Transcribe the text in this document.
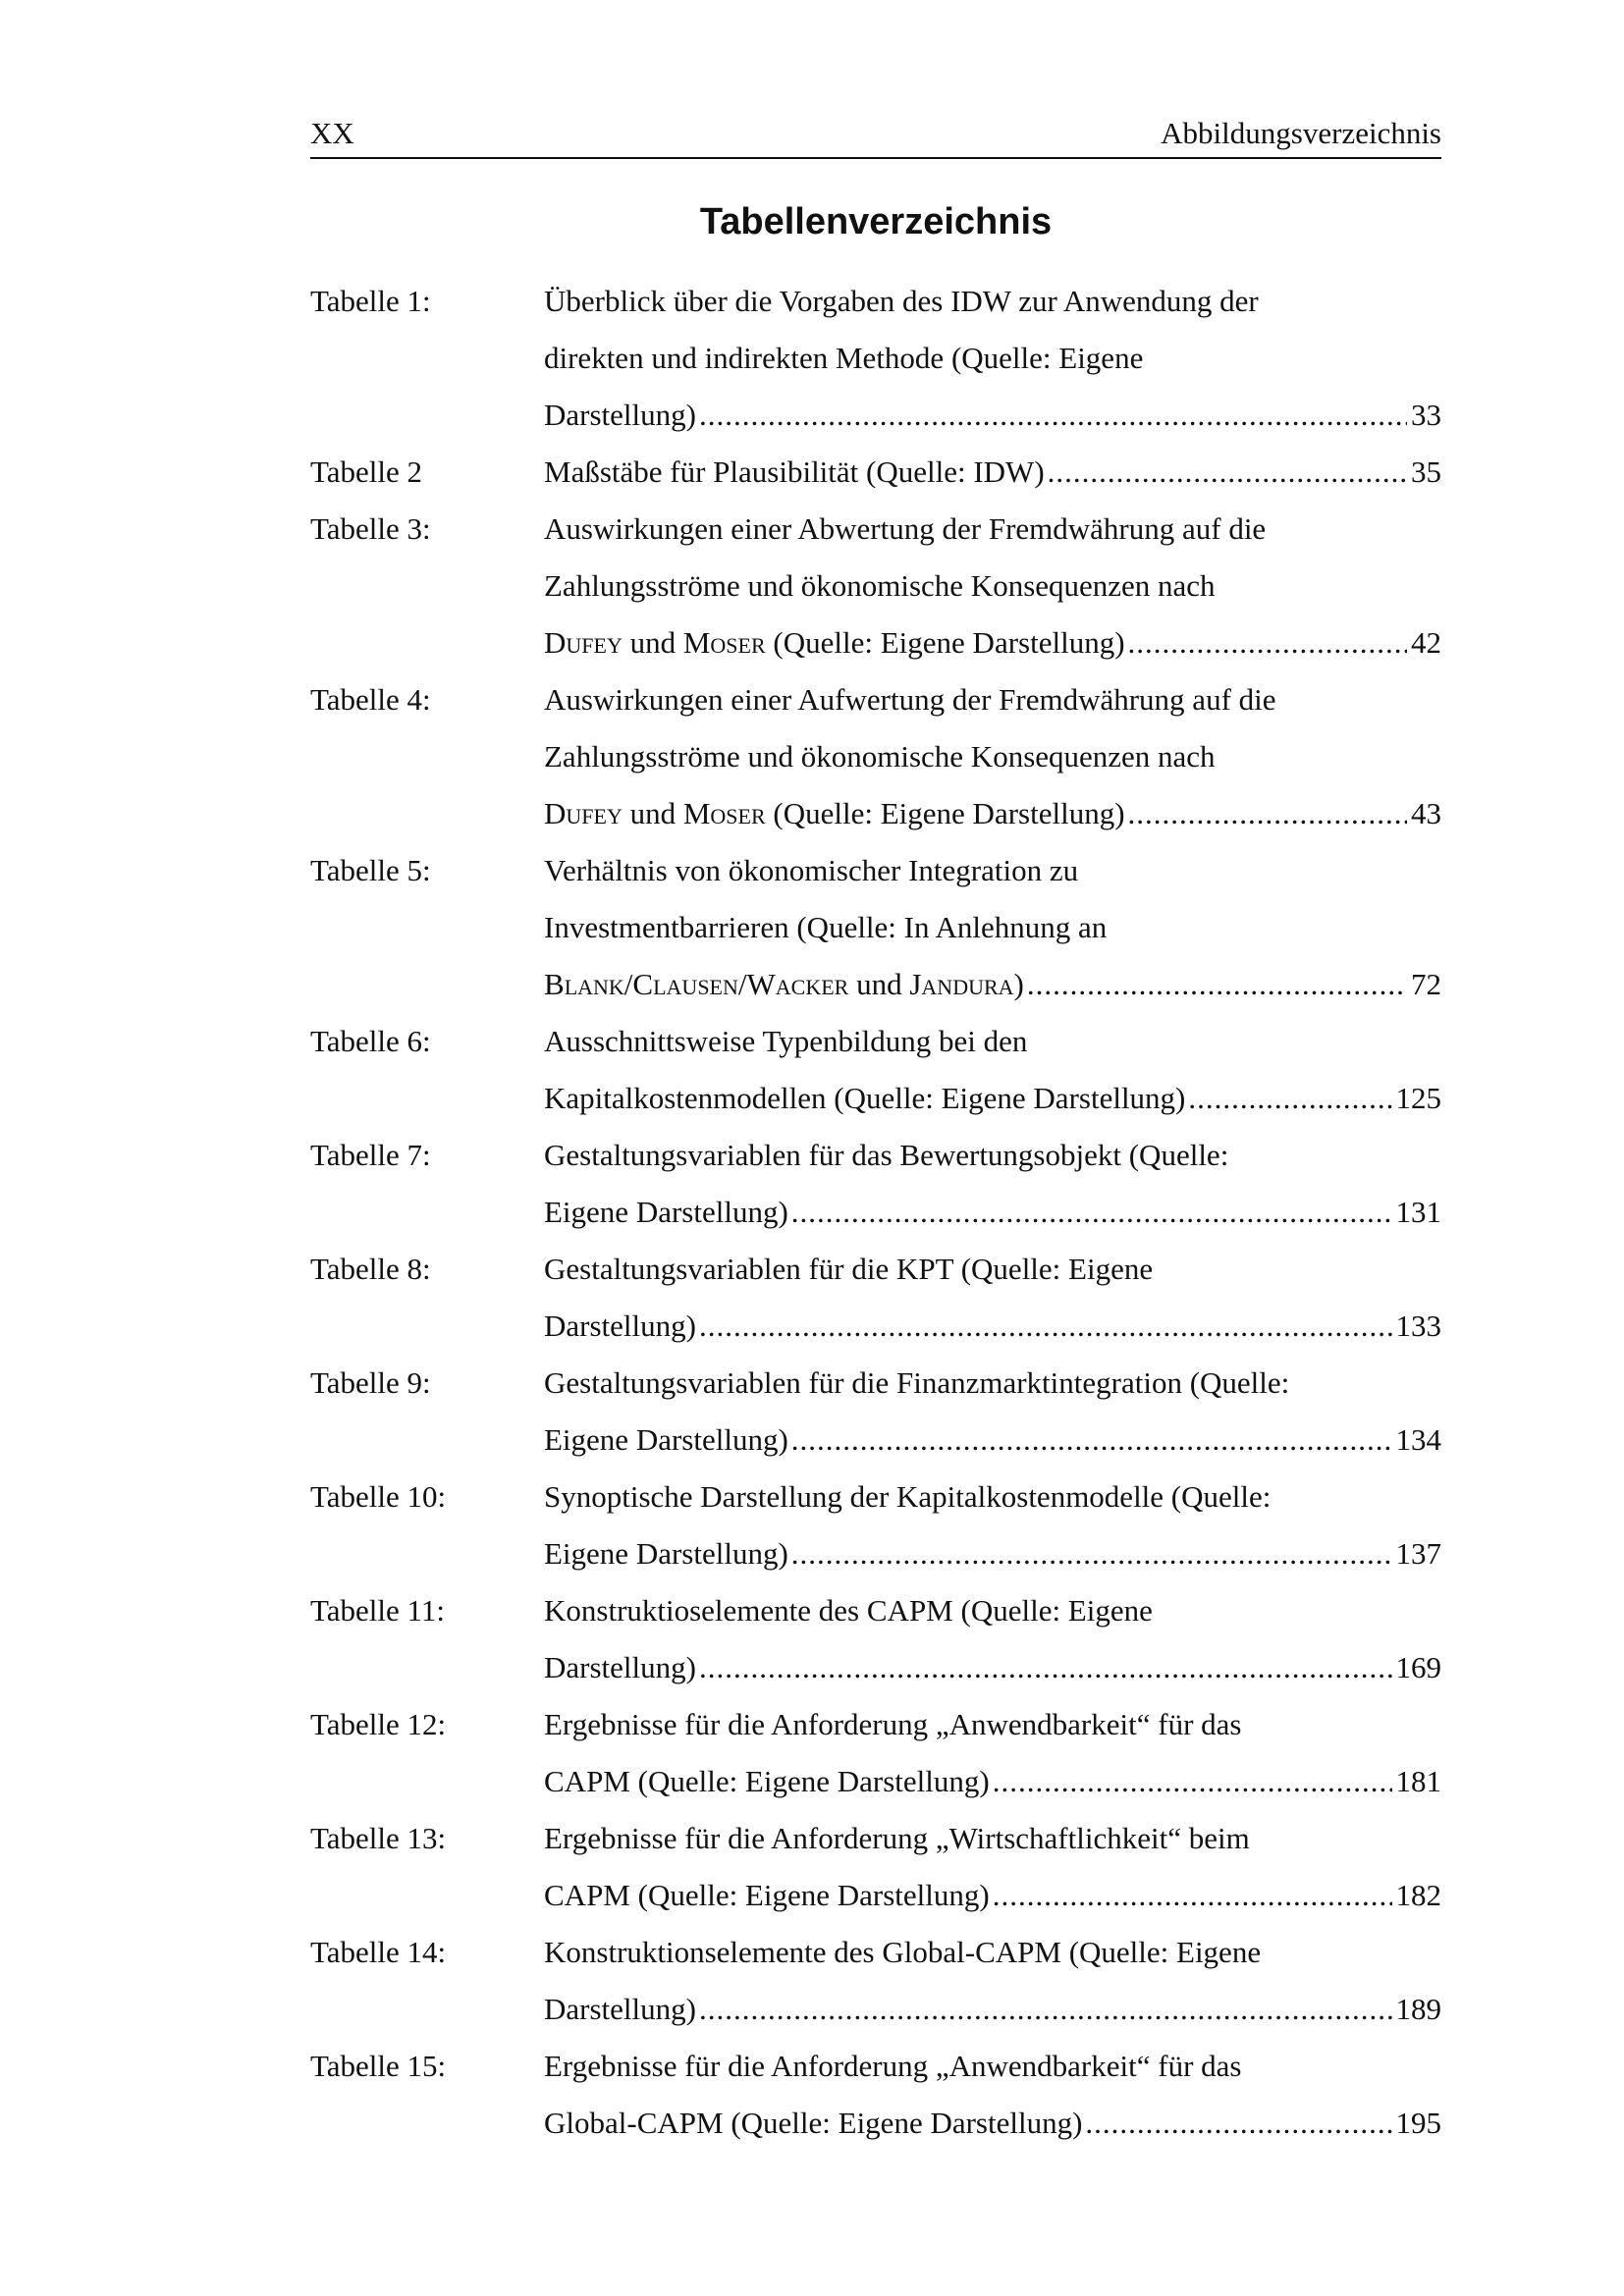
XX	Abbildungsverzeichnis
Tabellenverzeichnis
Tabelle 1:	Überblick über die Vorgaben des IDW zur Anwendung der
direkten und indirekten Methode (Quelle: Eigene
Darstellung) .....	33
Tabelle 2	Maßstäbe für Plausibilität (Quelle: IDW) .....	35
Tabelle 3:	Auswirkungen einer Abwertung der Fremdwährung auf die
Zahlungsströme und ökonomische Konsequenzen nach
DUFEY und MOSER (Quelle: Eigene Darstellung) .....	42
Tabelle 4:	Auswirkungen einer Aufwertung der Fremdwährung auf die
Zahlungsströme und ökonomische Konsequenzen nach
DUFEY und MOSER (Quelle: Eigene Darstellung) .....	43
Tabelle 5:	Verhältnis von ökonomischer Integration zu
Investmentbarrieren (Quelle: In Anlehnung an
BLANK/CLAUSEN/WACKER und JANDURA) .....	72
Tabelle 6:	Ausschnittsweise Typenbildung bei den
Kapitalkostenmodellen (Quelle: Eigene Darstellung) .....	125
Tabelle 7:	Gestaltungsvariablen für das Bewertungsobjekt (Quelle:
Eigene Darstellung) .....	131
Tabelle 8:	Gestaltungsvariablen für die KPT (Quelle: Eigene
Darstellung) .....	133
Tabelle 9:	Gestaltungsvariablen für die Finanzmarktintegration (Quelle:
Eigene Darstellung) .....	134
Tabelle 10:	Synoptische Darstellung der Kapitalkostenmodelle (Quelle:
Eigene Darstellung) .....	137
Tabelle 11:	Konstruktioselemente des CAPM (Quelle: Eigene
Darstellung) .....	169
Tabelle 12:	Ergebnisse für die Anforderung „Anwendbarkeit“ für das
CAPM (Quelle: Eigene Darstellung) .....	181
Tabelle 13:	Ergebnisse für die Anforderung „Wirtschaftlichkeit“ beim
CAPM (Quelle: Eigene Darstellung) .....	182
Tabelle 14:	Konstruktionselemente des Global-CAPM (Quelle: Eigene
Darstellung) .....	189
Tabelle 15:	Ergebnisse für die Anforderung „Anwendbarkeit“ für das
Global-CAPM (Quelle: Eigene Darstellung) .....	195
